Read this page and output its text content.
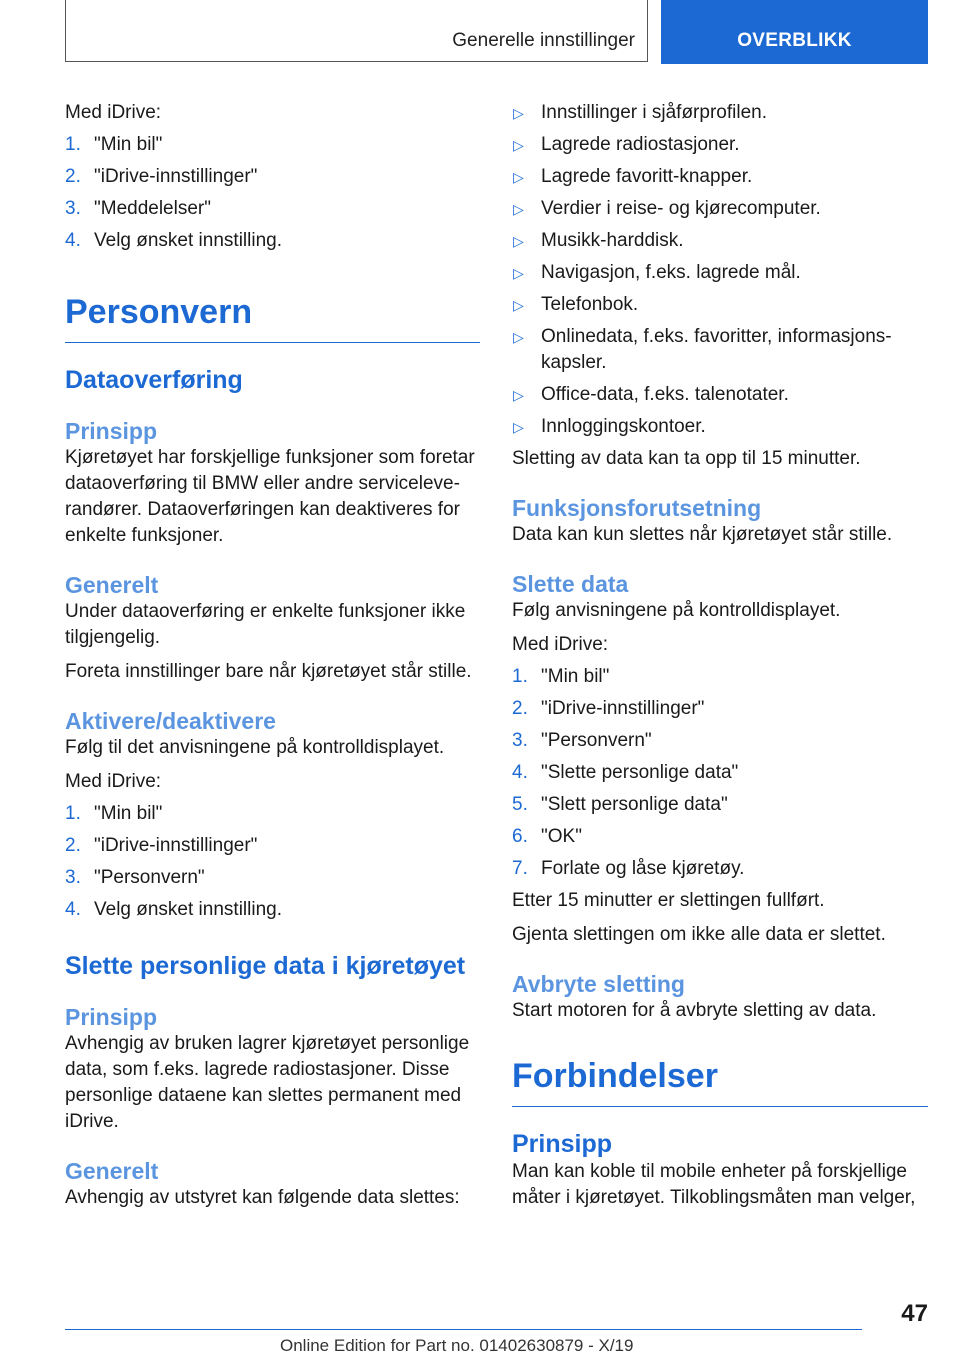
Generelle innstillinger	OVERBLIKK

Med iDrive:

1. "Min bil"
2. "iDrive-innstillinger"
3. "Meddelelser"
4. Velg ønsket innstilling.
Personvern
Dataoverføring
Prinsipp

Kjøretøyet har forskjellige funksjoner som foretar dataoverføring til BMW eller andre serviceleverandører. Dataoverføringen kan deaktiveres for enkelte funksjoner.

Generelt

Under dataoverføring er enkelte funksjoner ikke tilgjengelig.

Foreta innstillinger bare når kjøretøyet står stille.

Aktivere/deaktivere

Følg til det anvisningene på kontrolldisplayet.

Med iDrive:

1. "Min bil"
2. "iDrive-innstillinger"
3. "Personvern"
4. Velg ønsket innstilling.
Slette personlige data i kjøretøyet
Prinsipp

Avhengig av bruken lagrer kjøretøyet personlige data, som f.eks. lagrede radiostasjoner. Disse personlige dataene kan slettes permanent med iDrive.

Generelt

Avhengig av utstyret kan følgende data slettes:

▷ Innstillinger i sjåførprofilen.
▷ Lagrede radiostasjoner.
▷ Lagrede favoritt-knapper.
▷ Verdier i reise- og kjørecomputer.
▷ Musikk-harddisk.
▷ Navigasjon, f.eks. lagrede mål.
▷ Telefonbok.
▷ Onlinedata, f.eks. favoritter, informasjonskapsler.
▷ Office-data, f.eks. talenotater.
▷ Innloggingskontoer.

Sletting av data kan ta opp til 15 minutter.

Funksjonsforutsetning

Data kan kun slettes når kjøretøyet står stille.

Slette data

Følg anvisningene på kontrolldisplayet.

Med iDrive:

1. "Min bil"
2. "iDrive-innstillinger"
3. "Personvern"
4. "Slette personlige data"
5. "Slett personlige data"
6. "OK"
7. Forlate og låse kjøretøy.

Etter 15 minutter er slettingen fullført.

Gjenta slettingen om ikke alle data er slettet.

Avbryte sletting

Start motoren for å avbryte sletting av data.

Forbindelser
Prinsipp

Man kan koble til mobile enheter på forskjellige måter i kjøretøyet. Tilkoblingsmåten man velger,

47
Online Edition for Part no. 01402630879 - X/19
